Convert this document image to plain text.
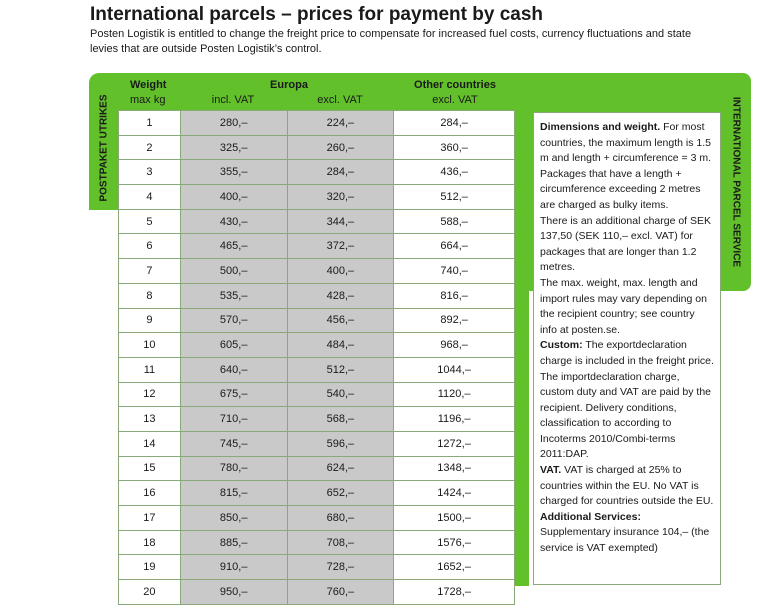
International parcels – prices for payment by cash

Posten Logistik is entitled to change the freight price to compensate for increased fuel costs, currency fluctuations and state levies that are outside Posten Logistik’s control.

POSTPAKET UTRIKES	INTERNATIONAL PARCEL SERVICE
Weight
max kg
Europa
incl. VAT	excl. VAT
Other countries
excl. VAT
1	280,–	224,–	284,–
2	325,–	260,–	360,–
3	355,–	284,–	436,–
4	400,–	320,–	512,–
5	430,–	344,–	588,–
6	465,–	372,–	664,–
7	500,–	400,–	740,–
8	535,–	428,–	816,–
9	570,–	456,–	892,–
10	605,–	484,–	968,–
11	640,–	512,–	1044,–
12	675,–	540,–	1120,–
13	710,–	568,–	1196,–
14	745,–	596,–	1272,–
15	780,–	624,–	1348,–
16	815,–	652,–	1424,–
17	850,–	680,–	1500,–
18	885,–	708,–	1576,–
19	910,–	728,–	1652,–
20	950,–	760,–	1728,–

Dimensions and weight. For most countries, the maximum length is 1.5 m and length + circumference = 3 m.

Packages that have a length + circumference exceeding 2 metres are charged as bulky items.

There is an additional charge of SEK 137,50 (SEK 110,– excl. VAT) for packages that are longer than 1.2 metres.

The max. weight, max. length and import rules may vary depending on the recipient country; see country info at posten.se.

Custom: The exportdeclaration charge is included in the freight price. The importdeclaration charge, custom duty and VAT are paid by the recipient. Delivery conditions, classification to according to Incoterms 2010/Combi-terms 2011:DAP.

VAT. VAT is charged at 25% to countries within the EU. No VAT is charged for countries outside the EU.

Additional Services:

Supplementary insurance 104,– (the service is VAT exempted)
